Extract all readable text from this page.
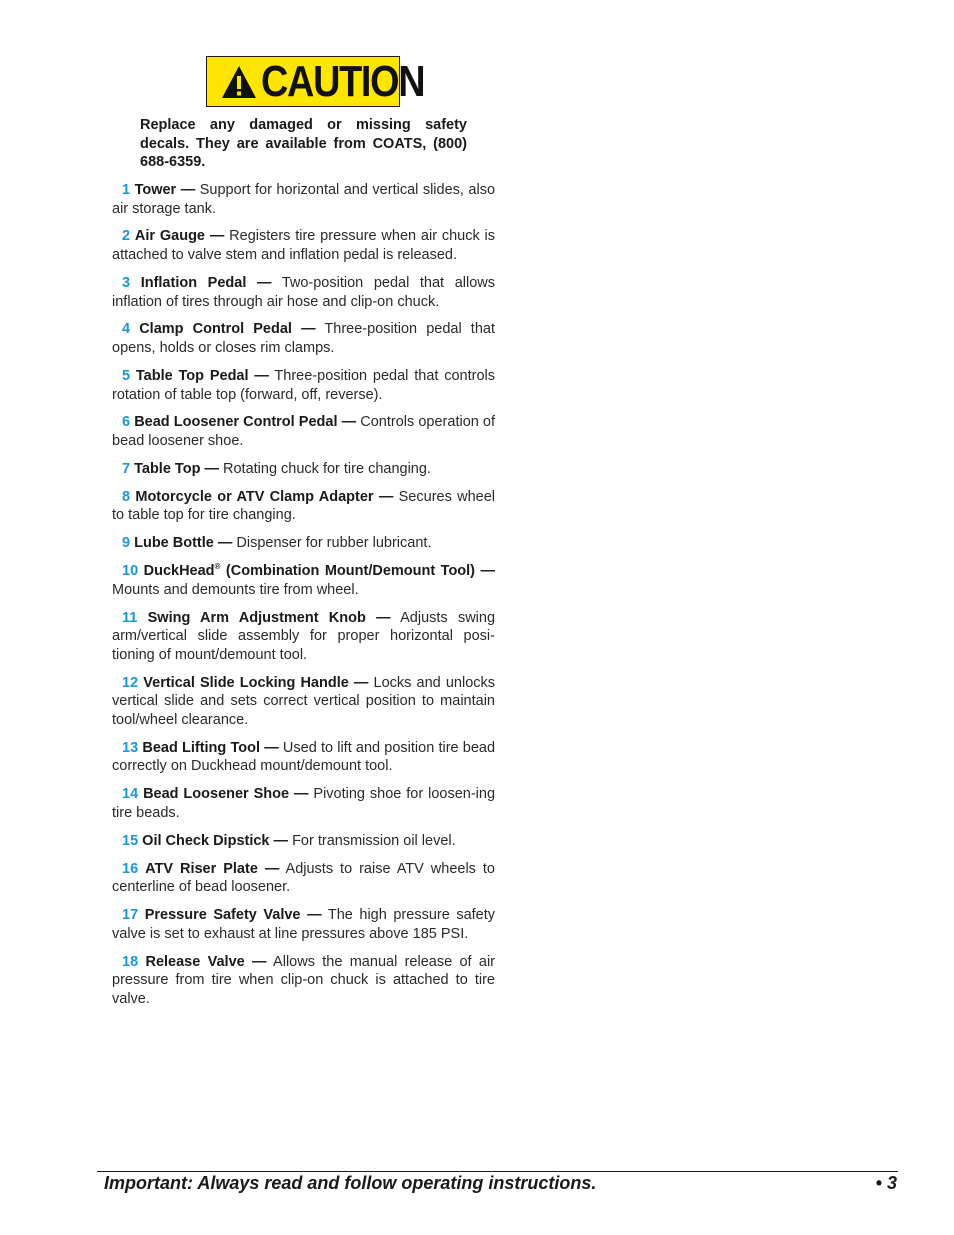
CAUTION
Replace any damaged or missing safety decals. They are available from COATS, (800) 688-6359.

1 Tower — Support for horizontal and vertical slides, also air storage tank.

2 Air Gauge — Registers tire pressure when air chuck is attached to valve stem and inflation pedal is released.

3 Inflation Pedal — Two-position pedal that allows inflation of tires through air hose and clip-on chuck.

4 Clamp Control Pedal — Three-position pedal that opens, holds or closes rim clamps.

5 Table Top Pedal — Three-position pedal that controls rotation of table top (forward, off, reverse).

6 Bead Loosener Control Pedal — Controls operation of bead loosener shoe.

7 Table Top — Rotating chuck for tire changing.

8 Motorcycle or ATV Clamp Adapter — Secures wheel to table top for tire changing.

9 Lube Bottle — Dispenser for rubber lubricant.

10 DuckHead® (Combination Mount/Demount Tool) — Mounts and demounts tire from wheel.

11 Swing Arm Adjustment Knob — Adjusts swing arm/vertical slide assembly for proper horizontal posi-tioning of mount/demount tool.

12 Vertical Slide Locking Handle — Locks and unlocks vertical slide and sets correct vertical position to maintain tool/wheel clearance.

13 Bead Lifting Tool — Used to lift and position tire bead correctly on Duckhead mount/demount tool.

14 Bead Loosener Shoe — Pivoting shoe for loosen-ing tire beads.

15 Oil Check Dipstick — For transmission oil level.

16 ATV Riser Plate — Adjusts to raise ATV wheels to centerline of bead loosener.

17 Pressure Safety Valve — The high pressure safety valve is set to exhaust at line pressures above 185 PSI.

18 Release Valve — Allows the manual release of air pressure from tire when clip-on chuck is attached to tire valve.

Important: Always read and follow operating instructions.	• 3
